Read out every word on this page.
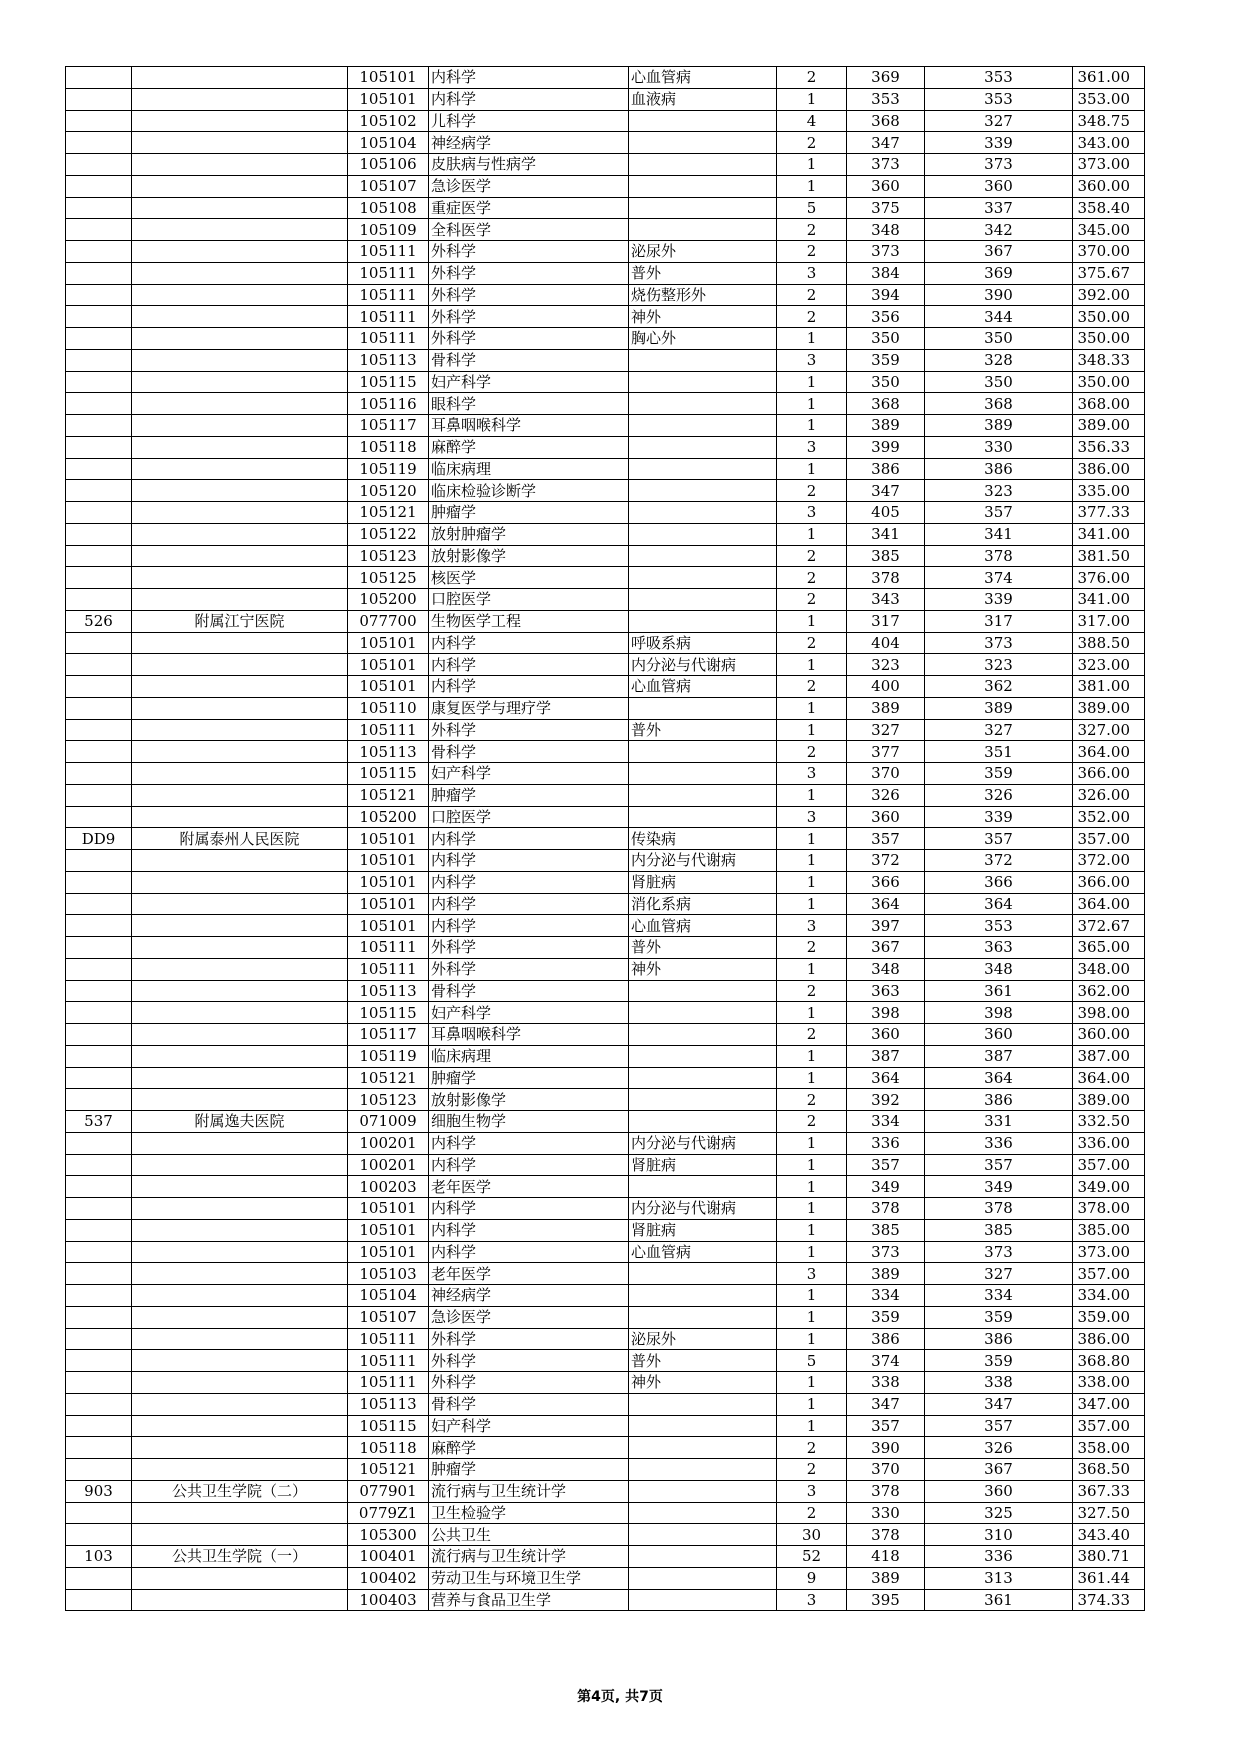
		105101	内科学	心血管病	2	369	353	361.00
		105101	内科学	血液病	1	353	353	353.00
		105102	儿科学		4	368	327	348.75
		105104	神经病学		2	347	339	343.00
		105106	皮肤病与性病学		1	373	373	373.00
		105107	急诊医学		1	360	360	360.00
		105108	重症医学		5	375	337	358.40
		105109	全科医学		2	348	342	345.00
		105111	外科学	泌尿外	2	373	367	370.00
		105111	外科学	普外	3	384	369	375.67
		105111	外科学	烧伤整形外	2	394	390	392.00
		105111	外科学	神外	2	356	344	350.00
		105111	外科学	胸心外	1	350	350	350.00
		105113	骨科学		3	359	328	348.33
		105115	妇产科学		1	350	350	350.00
		105116	眼科学		1	368	368	368.00
		105117	耳鼻咽喉科学		1	389	389	389.00
		105118	麻醉学		3	399	330	356.33
		105119	临床病理		1	386	386	386.00
		105120	临床检验诊断学		2	347	323	335.00
		105121	肿瘤学		3	405	357	377.33
		105122	放射肿瘤学		1	341	341	341.00
		105123	放射影像学		2	385	378	381.50
		105125	核医学		2	378	374	376.00
		105200	口腔医学		2	343	339	341.00
526	附属江宁医院	077700	生物医学工程		1	317	317	317.00
		105101	内科学	呼吸系病	2	404	373	388.50
		105101	内科学	内分泌与代谢病	1	323	323	323.00
		105101	内科学	心血管病	2	400	362	381.00
		105110	康复医学与理疗学		1	389	389	389.00
		105111	外科学	普外	1	327	327	327.00
		105113	骨科学		2	377	351	364.00
		105115	妇产科学		3	370	359	366.00
		105121	肿瘤学		1	326	326	326.00
		105200	口腔医学		3	360	339	352.00
DD9	附属泰州人民医院	105101	内科学	传染病	1	357	357	357.00
		105101	内科学	内分泌与代谢病	1	372	372	372.00
		105101	内科学	肾脏病	1	366	366	366.00
		105101	内科学	消化系病	1	364	364	364.00
		105101	内科学	心血管病	3	397	353	372.67
		105111	外科学	普外	2	367	363	365.00
		105111	外科学	神外	1	348	348	348.00
		105113	骨科学		2	363	361	362.00
		105115	妇产科学		1	398	398	398.00
		105117	耳鼻咽喉科学		2	360	360	360.00
		105119	临床病理		1	387	387	387.00
		105121	肿瘤学		1	364	364	364.00
		105123	放射影像学		2	392	386	389.00
537	附属逸夫医院	071009	细胞生物学		2	334	331	332.50
		100201	内科学	内分泌与代谢病	1	336	336	336.00
		100201	内科学	肾脏病	1	357	357	357.00
		100203	老年医学		1	349	349	349.00
		105101	内科学	内分泌与代谢病	1	378	378	378.00
		105101	内科学	肾脏病	1	385	385	385.00
		105101	内科学	心血管病	1	373	373	373.00
		105103	老年医学		3	389	327	357.00
		105104	神经病学		1	334	334	334.00
		105107	急诊医学		1	359	359	359.00
		105111	外科学	泌尿外	1	386	386	386.00
		105111	外科学	普外	5	374	359	368.80
		105111	外科学	神外	1	338	338	338.00
		105113	骨科学		1	347	347	347.00
		105115	妇产科学		1	357	357	357.00
		105118	麻醉学		2	390	326	358.00
		105121	肿瘤学		2	370	367	368.50
903	公共卫生学院（二）	077901	流行病与卫生统计学		3	378	360	367.33
		0779Z1	卫生检验学		2	330	325	327.50
		105300	公共卫生		30	378	310	343.40
103	公共卫生学院（一）	100401	流行病与卫生统计学		52	418	336	380.71
		100402	劳动卫生与环境卫生学		9	389	313	361.44
		100403	营养与食品卫生学		3	395	361	374.33
第4页, 共7页
